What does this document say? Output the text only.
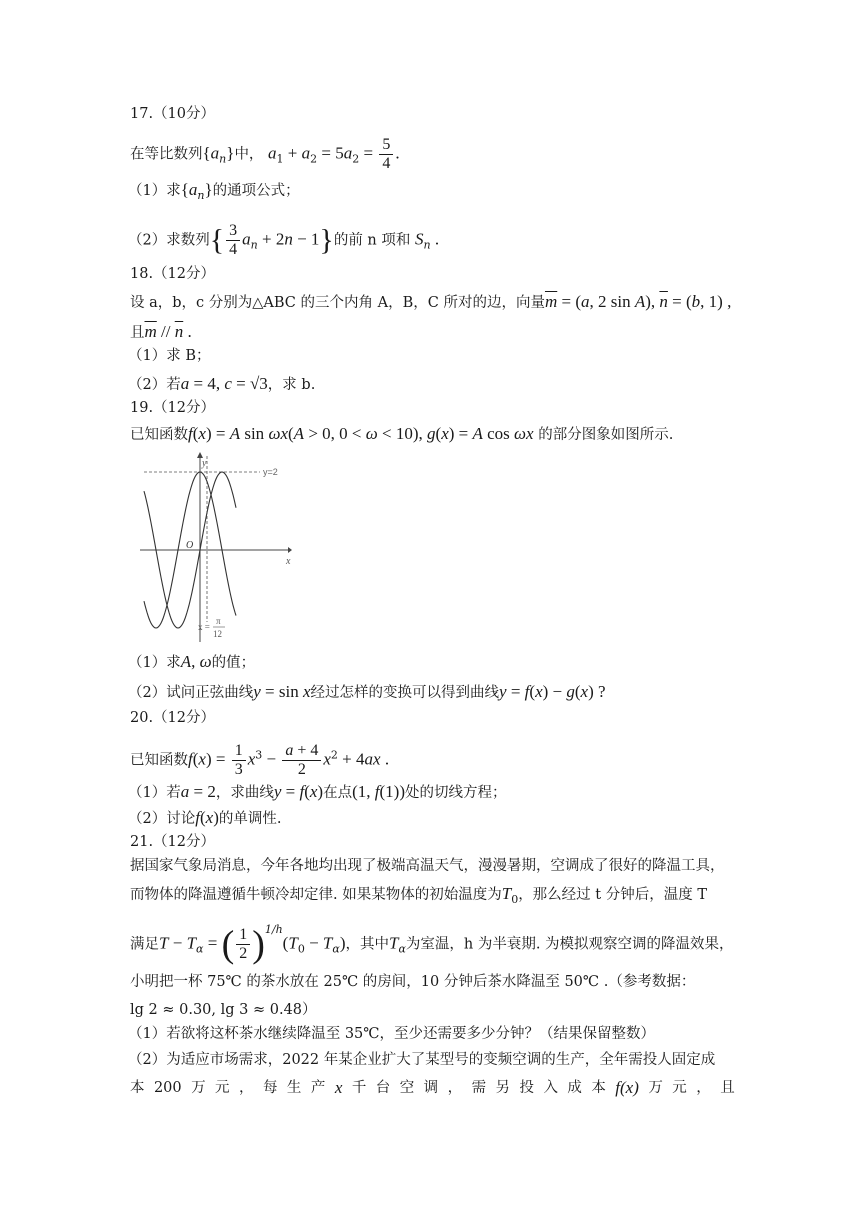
17.（10分）
在等比数列$\{a_n\}$中， $a_1 + a_2 = 5a_2 = \frac{5}{4}$ .
（1）求$\{a_n\}$的通项公式；
（2）求数列{ $\frac{3}{4} a_n + 2n - 1$}的前 n 项和 $S_n$ .
18.（12分）
设 a，b，c 分别为△ABC 的三个内角 A，B，C 所对的边，向量$\overline{m} = (a$, 2 sin A), $\overline{n} = (b$, 1) ,
且$\overline{m} // \overline{n}$ .
（1）求 B；
（2）若a = 4, c = √3，求 b.
19.（12分）
已知函数f(x) = A sin ωx(A > 0, 0 < ω < 10), g(x) = A cos ωx 的部分图象如图所示.
y
x
O
y=2
x =
π
12
（1）求A, ω的值；
（2）试问正弦曲线y = sin x经过怎样的变换可以得到曲线y = f(x) − g(x) ?
20.（12分）
已知函数$f(x) = \frac{1}{3} x^3 - \frac{a + 4}{2} x^2 + 4ax$ .
（1）若a = 2，求曲线y = f(x)在点(1, f(1))处的切线方程；
（2）讨论f(x)的单调性.
21.（12分）
据国家气象局消息，今年各地均出现了极端高温天气，漫漫暑期，空调成了很好的降温工具，
而物体的降温遵循牛顿冷却定律. 如果某物体的初始温度为$T_0$，那么经过 t 分钟后，温度 T
满足$T - T_\alpha$ = ( $\frac{1}{2} )^{1/h}(T_0 - T_\alpha)$，其中$T_\alpha$为室温，h 为半衰期. 为模拟观察空调的降温效果，
小明把一杯 75℃ 的茶水放在 25℃ 的房间，10 分钟后茶水降温至 50℃ .（参考数据：
lg 2 ≈ 0.30, lg 3 ≈ 0.48）
（1）若欲将这杯茶水继续降温至 35℃，至少还需要多少分钟？（结果保留整数）
（2）为适应市场需求，2022 年某企业扩大了某型号的变频空调的生产，全年需投人固定成
本 200 万 元 ， 每 生 产 x 千 台 空 调 ， 需 另 投 入 成 本 f(x) 万 元 ， 且
